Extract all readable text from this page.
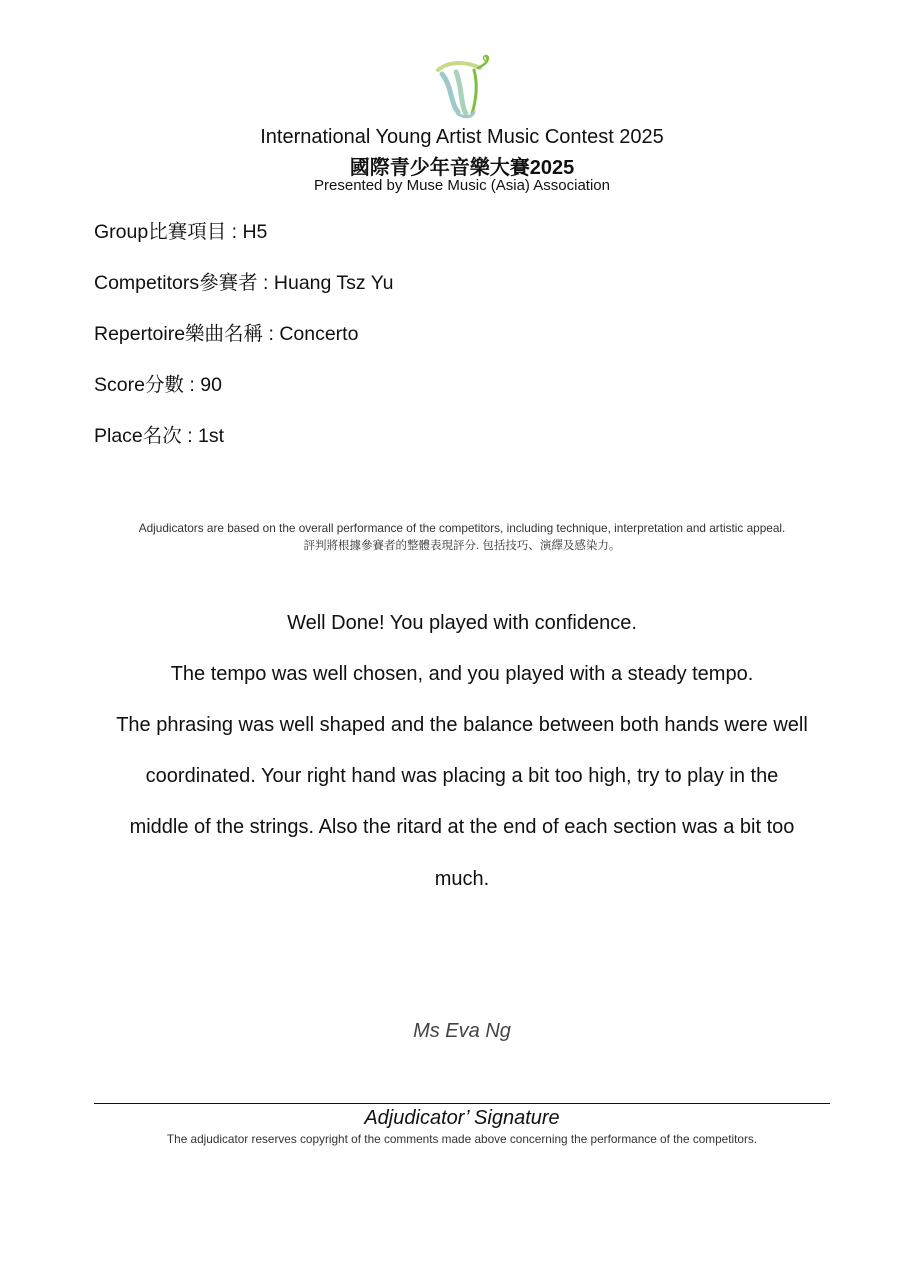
International Young Artist Music Contest 2025
國際青少年音樂大賽2025
Presented by Muse Music (Asia) Association
Group比賽項目 : H5
Competitors參賽者 : Huang Tsz Yu
Repertoire樂曲名稱 : Concerto
Score分數 : 90
Place名次 : 1st
Adjudicators are based on the overall performance of the competitors, including technique, interpretation and artistic appeal.
評判將根據參賽者的整體表現評分. 包括技巧、演繹及感染力。
Well Done! You played with confidence.
The tempo was well chosen, and you played with a steady tempo.
The phrasing was well shaped and the balance between both hands were well
coordinated. Your right hand was placing a bit too high, try to play in the
middle of the strings. Also the ritard at the end of each section was a bit too
much.
Ms Eva Ng
Adjudicator’ Signature
The adjudicator reserves copyright of the comments made above concerning the performance of the competitors.
